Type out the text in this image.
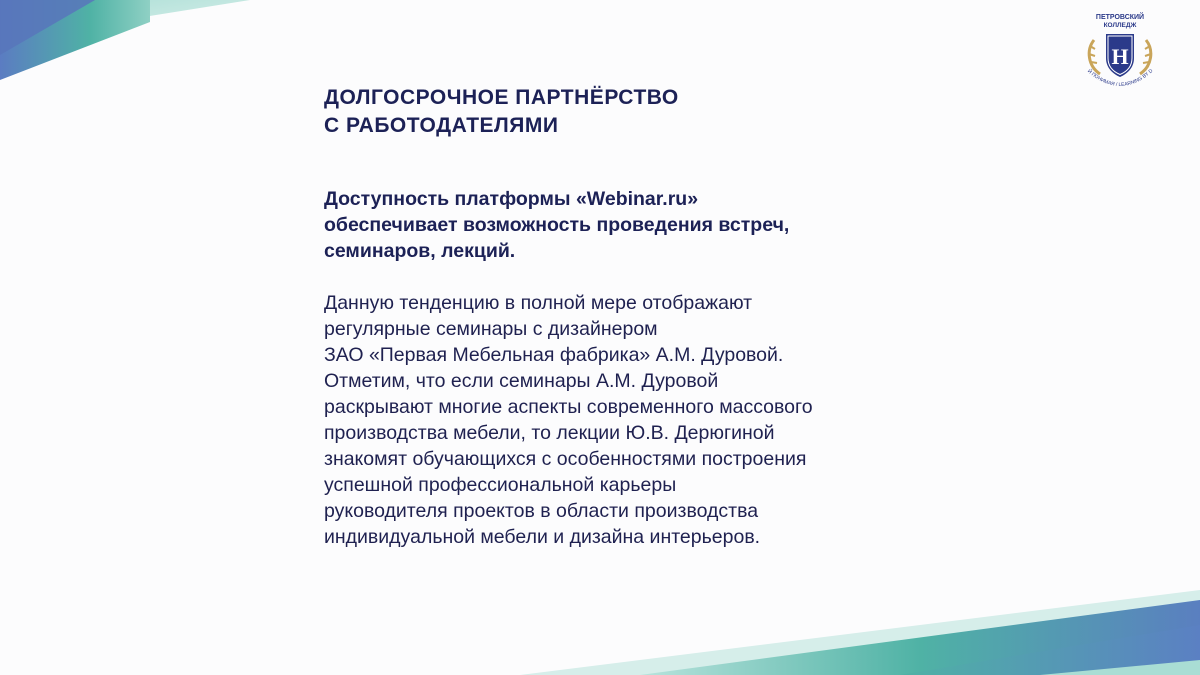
ПЕТРОВСКИЙ
КОЛЛЕДЖ
Н
Й ПОНИМАЯ / LEARNING BY D
ДОЛГОСРОЧНОЕ ПАРТНЁРСТВО
С РАБОТОДАТЕЛЯМИ

Доступность платформы «Webinar.ru»
обеспечивает возможность проведения встреч,
семинаров, лекций.

Данную тенденцию в полной мере отображают
регулярные семинары с дизайнером
ЗАО «Первая Мебельная фабрика» А.М. Дуровой.
Отметим, что если семинары А.М. Дуровой
раскрывают многие аспекты современного массового
производства мебели, то лекции Ю.В. Дерюгиной
знакомят обучающихся с особенностями построения
успешной профессиональной карьеры
руководителя проектов в области производства
индивидуальной мебели и дизайна интерьеров.
